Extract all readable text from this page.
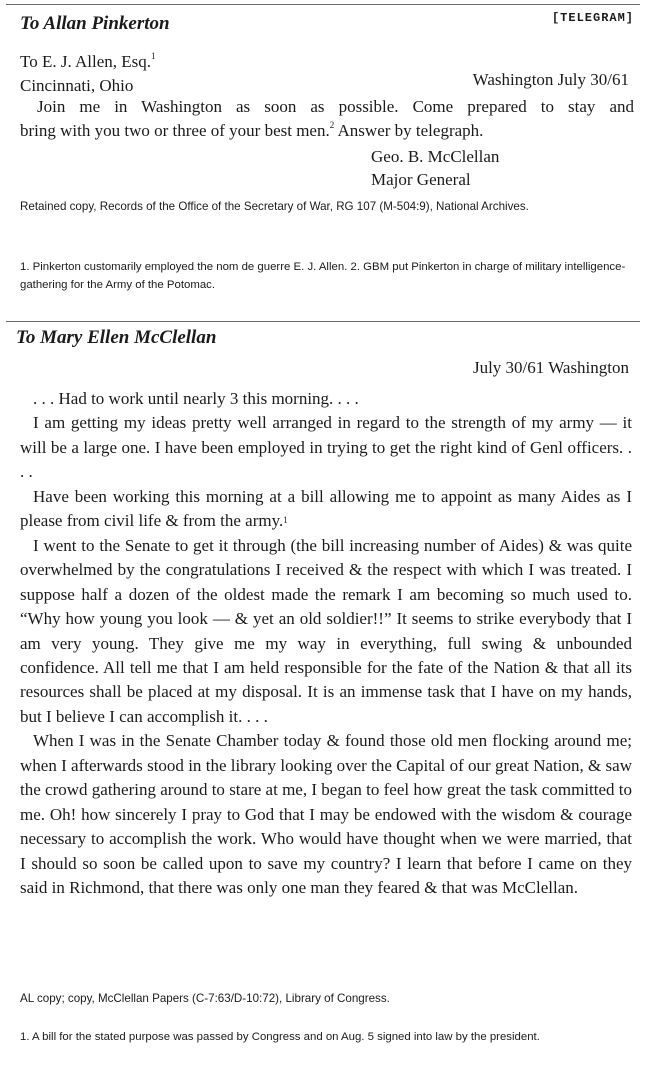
To Allan Pinkerton	[TELEGRAM]
To E. J. Allen, Esq.$^1$
Cincinnati, Ohio	Washington July 30/61
Join me in Washington as soon as possible. Come prepared to stay and
bring with you two or three of your best men.$^2$ Answer by telegraph.
Geo. B. McClellan
Major General

Retained copy, Records of the Office of the Secretary of War, RG 107 (M-504:9), National Archives.

1. Pinkerton customarily employed the nom de guerre E. J. Allen. 2. GBM put Pinkerton in charge of military intelligence-gathering for the Army of the Potomac.

To Mary Ellen McClellan
July 30/61 Washington

. . . Had to work until nearly 3 this morning. . . .

I am getting my ideas pretty well arranged in regard to the strength of my army — it will be a large one. I have been employed in trying to get the right kind of Genl officers. . . .

Have been working this morning at a bill allowing me to appoint as many Aides as I please from civil life & from the army.$^1$

I went to the Senate to get it through (the bill increasing number of Aides) & was quite overwhelmed by the congratulations I received & the respect with which I was treated. I suppose half a dozen of the oldest made the remark I am becoming so much used to. “Why how young you look — & yet an old soldier!!” It seems to strike everybody that I am very young. They give me my way in everything, full swing & unbounded confidence. All tell me that I am held responsible for the fate of the Nation & that all its resources shall be placed at my disposal. It is an immense task that I have on my hands, but I believe I can accomplish it. . . .

When I was in the Senate Chamber today & found those old men flocking around me; when I afterwards stood in the library looking over the Capital of our great Nation, & saw the crowd gathering around to stare at me, I began to feel how great the task committed to me. Oh! how sincerely I pray to God that I may be endowed with the wisdom & courage necessary to accomplish the work. Who would have thought when we were married, that I should so soon be called upon to save my country? I learn that before I came on they said in Richmond, that there was only one man they feared & that was McClellan.

AL copy; copy, McClellan Papers (C-7:63/D-10:72), Library of Congress.

1. A bill for the stated purpose was passed by Congress and on Aug. 5 signed into law by the president.
